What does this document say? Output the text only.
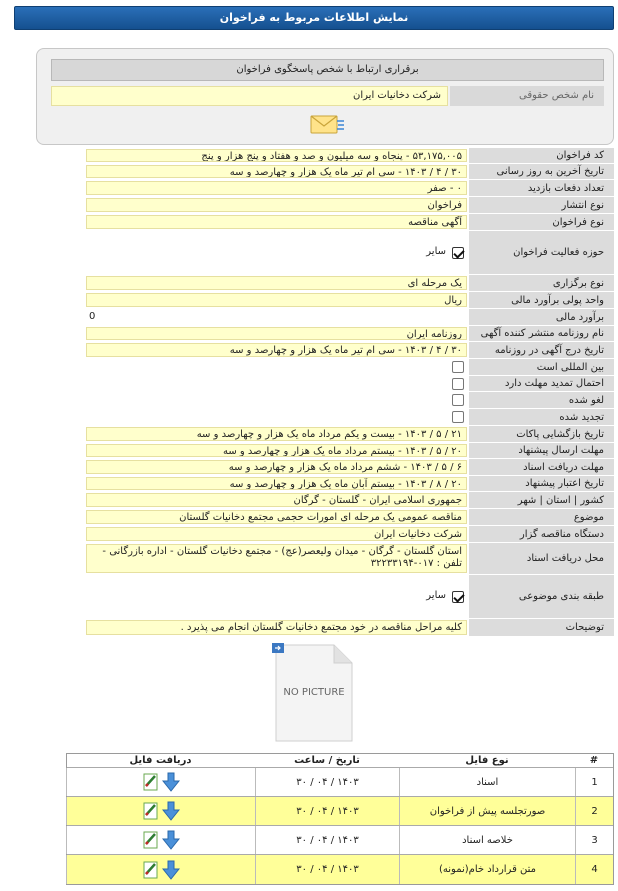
نمایش اطلاعات مربوط به فراخوان
برقراری ارتباط با شخص پاسخگوی فراخوان
نام شخص حقوقی
شرکت دخانیات ایران
کد فراخوان
۵۳,۱۷۵,۰۰۵ - پنجاه و سه میلیون و صد و هفتاد و پنج هزار و پنج
تاریخ آخرین به روز رسانی
۳۰ / ۴ / ۱۴۰۳ - سی ام تیر ماه یک هزار و چهارصد و سه
تعداد دفعات بازدید
۰ - صفر
نوع انتشار
فراخوان
نوع فراخوان
آگهی مناقصه
حوزه فعالیت فراخوان
سایر
نوع برگزاری
یک مرحله ای
واحد پولی برآورد مالی
ریال
برآورد مالی
0
نام روزنامه منتشر کننده آگهی
روزنامه ایران
تاریخ درج آگهی در روزنامه
۳۰ / ۴ / ۱۴۰۳ - سی ام تیر ماه یک هزار و چهارصد و سه
بین المللی است
احتمال تمدید مهلت دارد
لغو شده
تجدید شده
تاریخ بازگشایی پاکات
۲۱ / ۵ / ۱۴۰۳ - بیست و یکم مرداد ماه یک هزار و چهارصد و سه
مهلت ارسال پیشنهاد
۲۰ / ۵ / ۱۴۰۳ - بیستم مرداد ماه یک هزار و چهارصد و سه
مهلت دریافت اسناد
۶ / ۵ / ۱۴۰۳ - ششم مرداد ماه یک هزار و چهارصد و سه
تاریخ اعتبار پیشنهاد
۲۰ / ۸ / ۱۴۰۳ - بیستم آبان ماه یک هزار و چهارصد و سه
کشور | استان | شهر
جمهوری اسلامی ایران - گلستان - گرگان
موضوع
مناقصه عمومی یک مرحله ای امورات حجمی مجتمع دخانیات گلستان
دستگاه مناقصه گزار
شرکت دخانیات ایران
محل دریافت اسناد
استان گلستان - گرگان - میدان ولیعصر(عج) - مجتمع دخانیات گلستان - اداره بازرگانی - تلفن : ۰۱۷-۳۲۲۳۳۱۹۴
طبقه بندی موضوعی
سایر
توضیحات
کلیه مراحل مناقصه در خود مجتمع دخانیات گلستان انجام می پذیرد .
NO PICTURE
#
نوع فایل
تاریخ / ساعت
دریافت فایل
1
اسناد
۱۴۰۳ / ۰۴ / ۳۰
2
صورتجلسه پیش از فراخوان
۱۴۰۳ / ۰۴ / ۳۰
3
خلاصه اسناد
۱۴۰۳ / ۰۴ / ۳۰
4
متن قرارداد خام(نمونه)
۱۴۰۳ / ۰۴ / ۳۰
